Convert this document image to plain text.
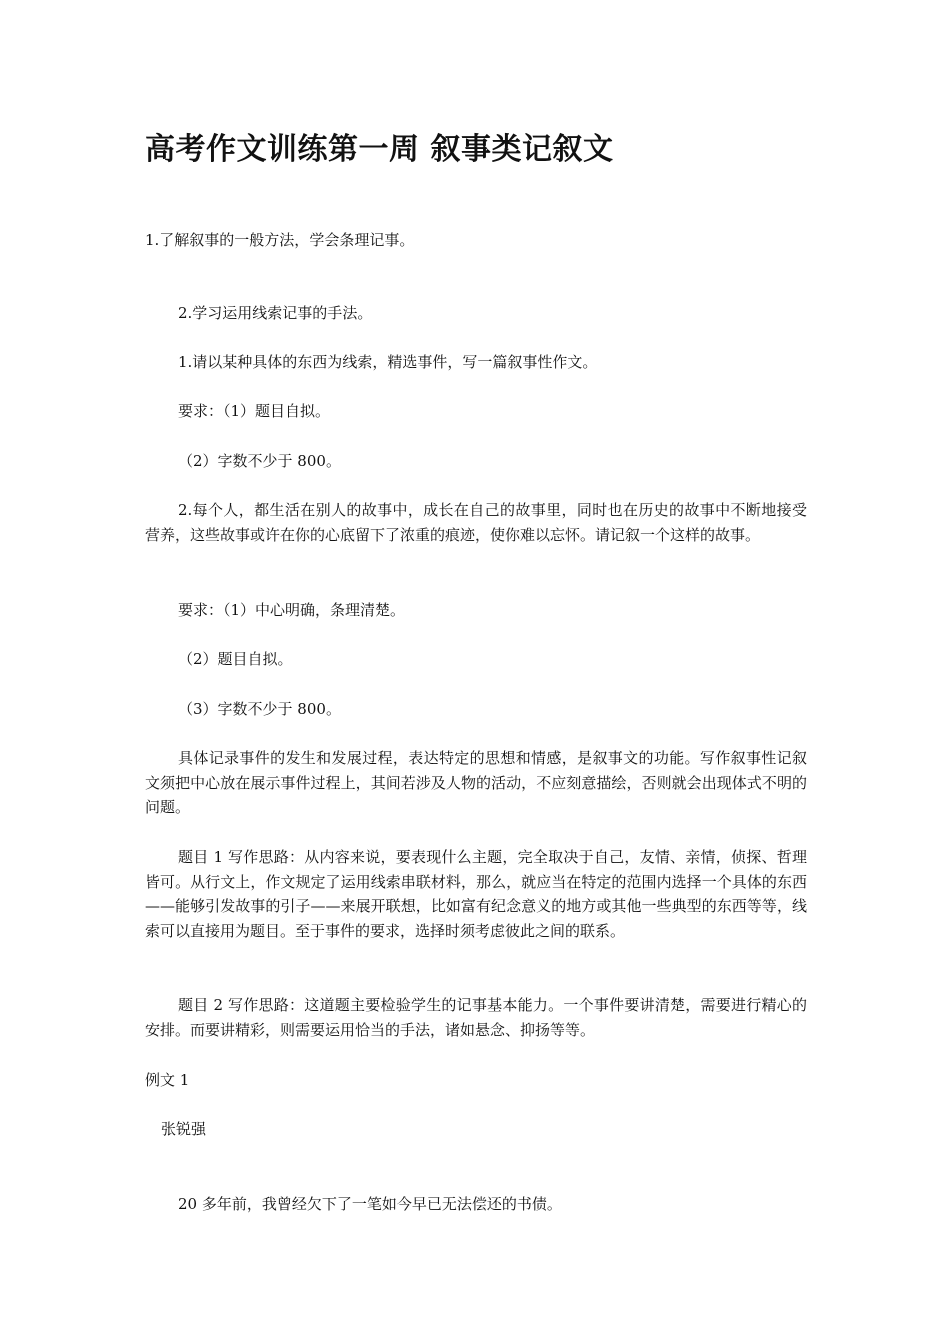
高考作文训练第一周 叙事类记叙文

1.了解叙事的一般方法，学会条理记事。

2.学习运用线索记事的手法。

1.请以某种具体的东西为线索，精选事件，写一篇叙事性作文。

要求：（1）题目自拟。

（2）字数不少于 800。

2.每个人，都生活在别人的故事中，成长在自己的故事里，同时也在历史的故事中不断地接受营养，这些故事或许在你的心底留下了浓重的痕迹，使你难以忘怀。请记叙一个这样的故事。

要求：（1）中心明确，条理清楚。

（2）题目自拟。

（3）字数不少于 800。

具体记录事件的发生和发展过程，表达特定的思想和情感，是叙事文的功能。写作叙事性记叙文须把中心放在展示事件过程上，其间若涉及人物的活动，不应刻意描绘，否则就会出现体式不明的问题。

题目 1 写作思路：从内容来说，要表现什么主题，完全取决于自己，友情、亲情，侦探、哲理皆可。从行文上，作文规定了运用线索串联材料，那么，就应当在特定的范围内选择一个具体的东西——能够引发故事的引子——来展开联想，比如富有纪念意义的地方或其他一些典型的东西等等，线索可以直接用为题目。至于事件的要求，选择时须考虑彼此之间的联系。

题目 2 写作思路：这道题主要检验学生的记事基本能力。一个事件要讲清楚，需要进行精心的安排。而要讲精彩，则需要运用恰当的手法，诸如悬念、抑扬等等。

例文 1

张锐强

20 多年前，我曾经欠下了一笔如今早已无法偿还的书债。
